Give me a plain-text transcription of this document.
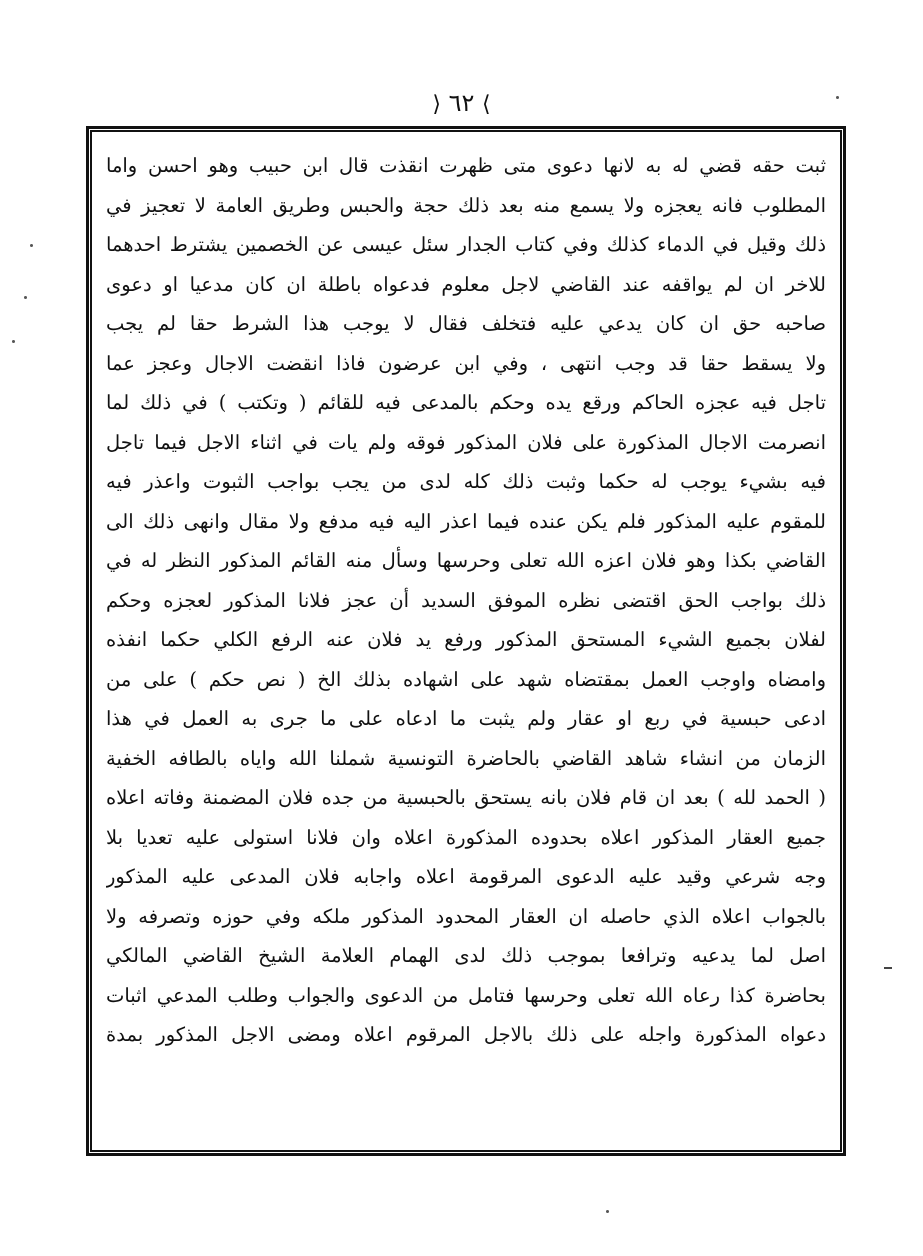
⟩ ٦٢ ⟨
ثبت حقه قضي له به لانها دعوى متى ظهرت انقذت قال ابن حبيب وهو احسن واما
المطلوب فانه يعجزه ولا يسمع منه بعد ذلك حجة والحبس وطريق العامة لا تعجيز في
ذلك وقيل في الدماء كذلك وفي كتاب الجدار سئل عيسى عن الخصمين يشترط احدهما
للاخر ان لم يواقفه عند القاضي لاجل معلوم فدعواه باطلة ان كان مدعيا او دعوى
صاحبه حق ان كان يدعي عليه فتخلف فقال لا يوجب هذا الشرط حقا لم يجب
ولا يسقط حقا قد وجب انتهى ، وفي ابن عرضون فاذا انقضت الاجال وعجز عما
تاجل فيه عجزه الحاكم ورقع يده وحكم بالمدعى فيه للقائم ( وتكتب ) في ذلك لما
انصرمت الاجال المذكورة على فلان المذكور فوقه ولم يات في اثناء الاجل فيما تاجل
فيه بشيء يوجب له حكما وثبت ذلك كله لدى من يجب بواجب الثبوت واعذر فيه
للمقوم عليه المذكور فلم يكن عنده فيما اعذر اليه فيه مدفع ولا مقال وانهى ذلك الى
القاضي بكذا وهو فلان اعزه الله تعلى وحرسها وسأل منه القائم المذكور النظر له في
ذلك بواجب الحق اقتضى نظره الموفق السديد أن عجز فلانا المذكور لعجزه وحكم
لفلان بجميع الشيء المستحق المذكور ورفع يد فلان عنه الرفع الكلي حكما انفذه
وامضاه واوجب العمل بمقتضاه شهد على اشهاده بذلك الخ ( نص حكم ) على من
ادعى حبسية في ربع او عقار ولم يثبت ما ادعاه على ما جرى به العمل في هذا
الزمان من انشاء شاهد القاضي بالحاضرة التونسية شملنا الله واياه بالطافه الخفية
( الحمد لله ) بعد ان قام فلان بانه يستحق بالحبسية من جده فلان المضمنة وفاته اعلاه
جميع العقار المذكور اعلاه بحدوده المذكورة اعلاه وان فلانا استولى عليه تعديا بلا
وجه شرعي وقيد عليه الدعوى المرقومة اعلاه واجابه فلان المدعى عليه المذكور
بالجواب اعلاه الذي حاصله ان العقار المحدود المذكور ملكه وفي حوزه وتصرفه ولا
اصل لما يدعيه وترافعا بموجب ذلك لدى الهمام العلامة الشيخ القاضي المالكي
بحاضرة كذا رعاه الله تعلى وحرسها فتامل من الدعوى والجواب وطلب المدعي اثبات
دعواه المذكورة واجله على ذلك بالاجل المرقوم اعلاه ومضى الاجل المذكور بمدة
